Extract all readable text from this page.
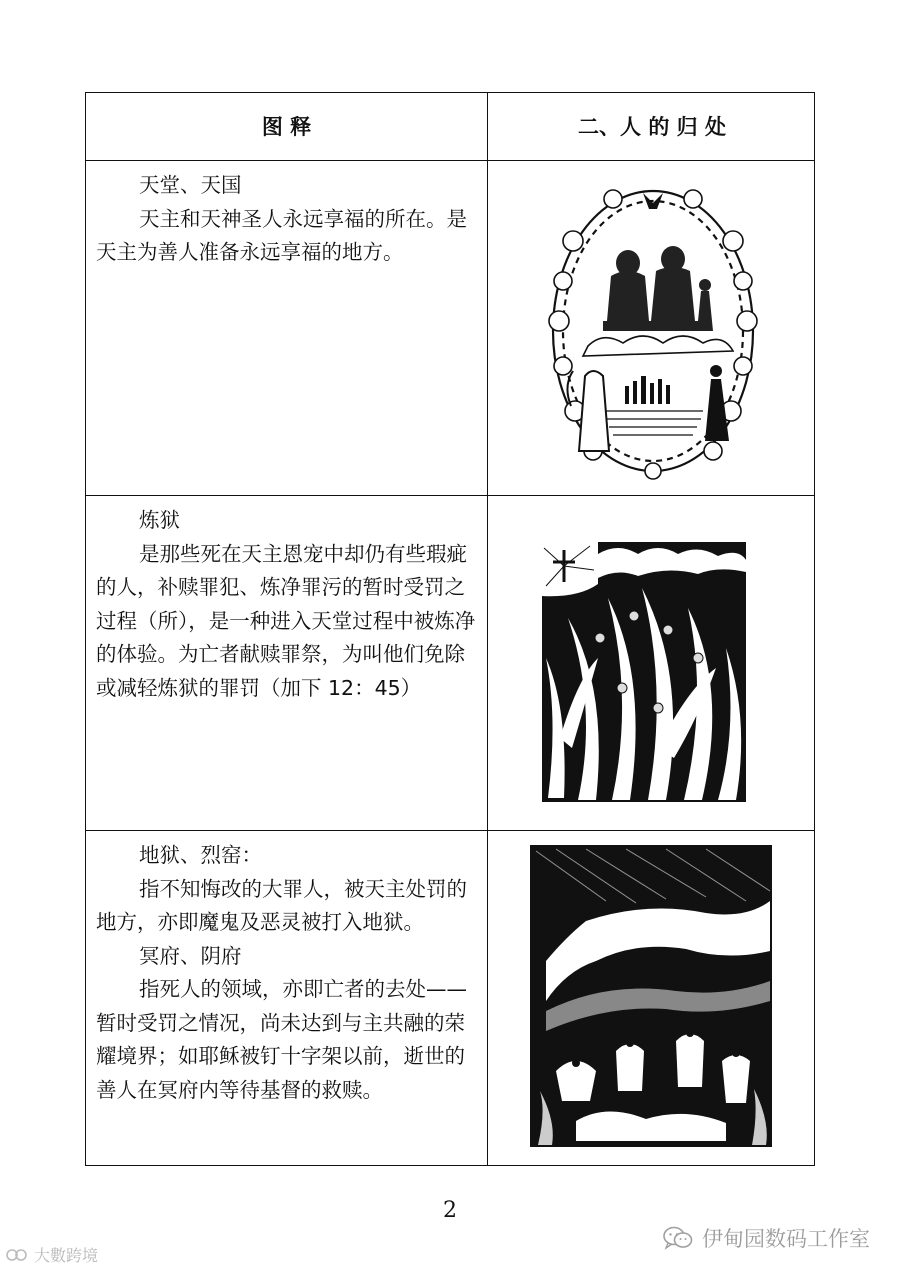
图 释	二、人 的 归 处

天堂、天国

天主和天神圣人永远享福的所在。是天主为善人准备永远享福的地方。

炼狱

是那些死在天主恩宠中却仍有些瑕疵的人，补赎罪犯、炼净罪污的暂时受罚之过程（所），是一种进入天堂过程中被炼净的体验。为亡者献赎罪祭，为叫他们免除或减轻炼狱的罪罚（加下 12：45）

地狱、烈窑：

指不知悔改的大罪人，被天主处罚的地方，亦即魔鬼及恶灵被打入地狱。

冥府、阴府

指死人的领域，亦即亡者的去处——暂时受罚之情况，尚未达到与主共融的荣耀境界；如耶稣被钉十字架以前，逝世的善人在冥府内等待基督的救赎。

2
大數跨境
伊甸园数码工作室
